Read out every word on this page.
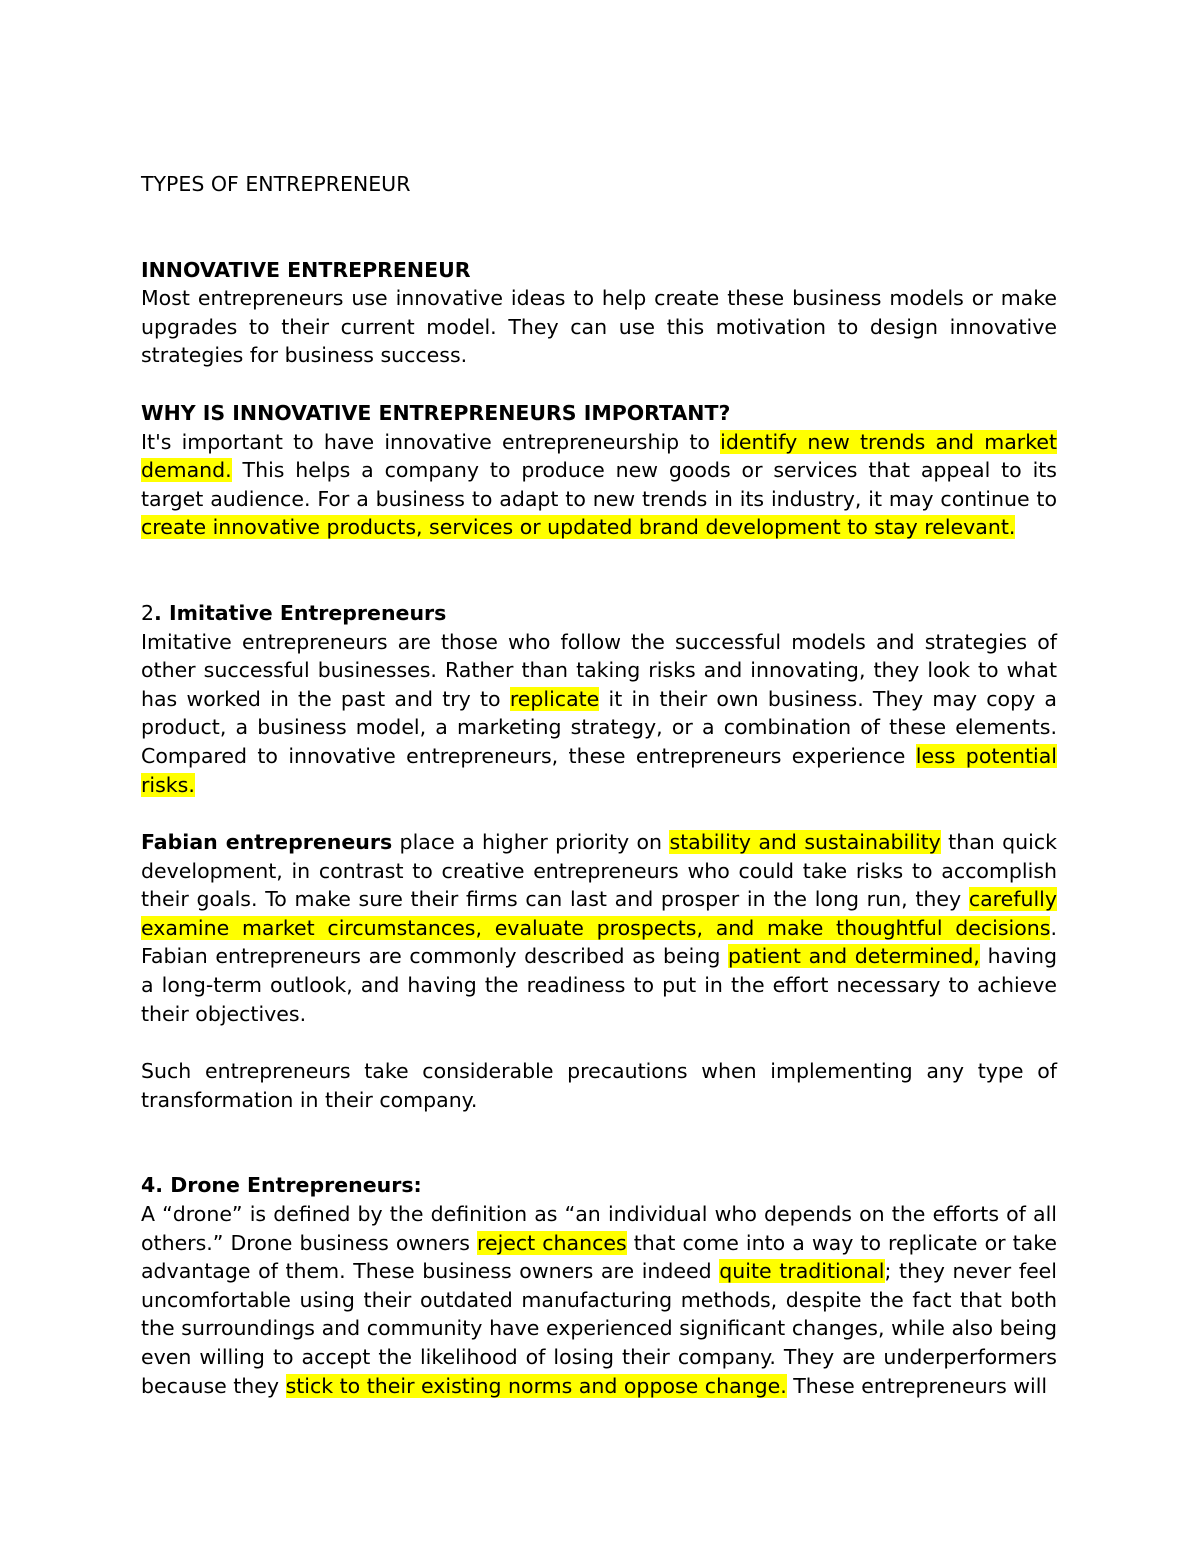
TYPES OF ENTREPRENEUR

INNOVATIVE ENTREPRENEUR

Most entrepreneurs use innovative ideas to help create these business models or make upgrades to their current model. They can use this motivation to design innovative strategies for business success.

WHY IS INNOVATIVE ENTREPRENEURS IMPORTANT?

It's important to have innovative entrepreneurship to identify new trends and market demand. This helps a company to produce new goods or services that appeal to its target audience. For a business to adapt to new trends in its industry, it may continue to create innovative products, services or updated brand development to stay relevant.

2. Imitative Entrepreneurs

Imitative entrepreneurs are those who follow the successful models and strategies of other successful businesses. Rather than taking risks and innovating, they look to what has worked in the past and try to replicate it in their own business. They may copy a product, a business model, a marketing strategy, or a combination of these elements. Compared to innovative entrepreneurs, these entrepreneurs experience less potential risks.

Fabian entrepreneurs place a higher priority on stability and sustainability than quick development, in contrast to creative entrepreneurs who could take risks to accomplish their goals. To make sure their firms can last and prosper in the long run, they carefully examine market circumstances, evaluate prospects, and make thoughtful decisions. Fabian entrepreneurs are commonly described as being patient and determined, having a long-term outlook, and having the readiness to put in the effort necessary to achieve their objectives.

Such entrepreneurs take considerable precautions when implementing any type of transformation in their company.

4. Drone Entrepreneurs:

A “drone” is defined by the definition as “an individual who depends on the efforts of all others.” Drone business owners reject chances that come into a way to replicate or take advantage of them. These business owners are indeed quite traditional; they never feel uncomfortable using their outdated manufacturing methods, despite the fact that both the surroundings and community have experienced significant changes, while also being even willing to accept the likelihood of losing their company. They are underperformers because they stick to their existing norms and oppose change. These entrepreneurs will
